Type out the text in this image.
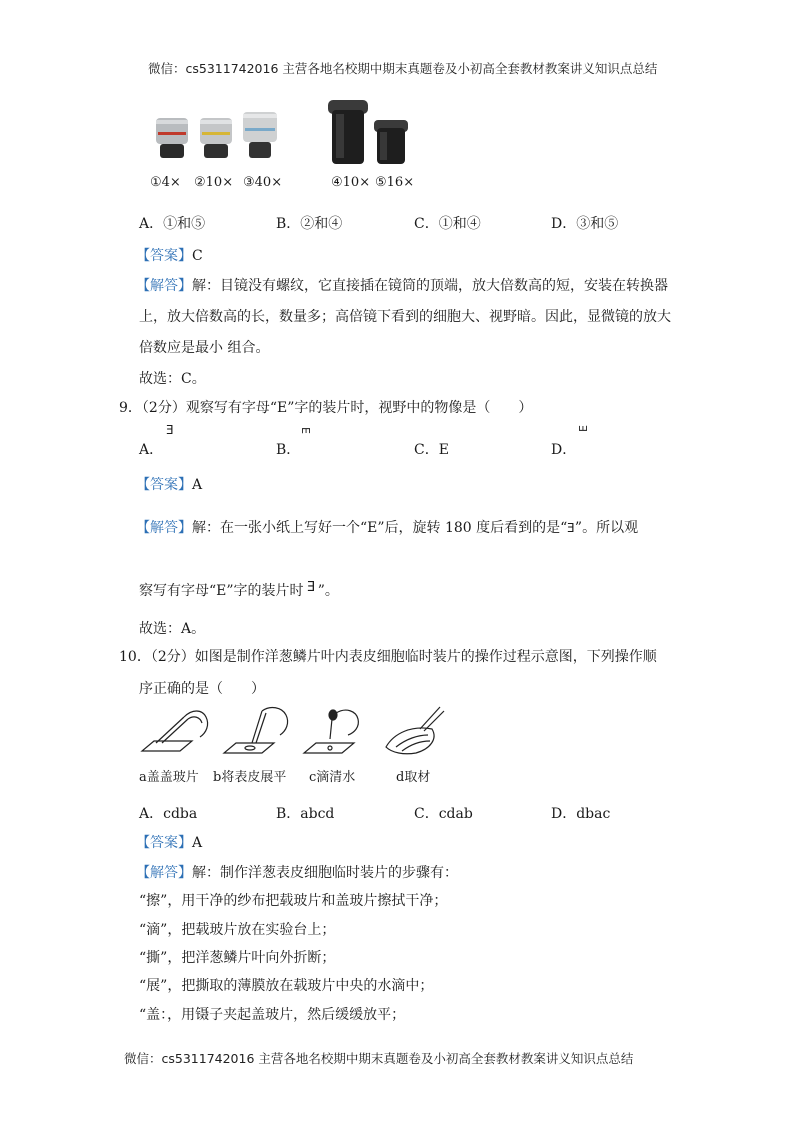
微信：cs5311742016 主营各地名校期中期末真题卷及小初高全套教材教案讲义知识点总结
①4× ②10× ③40×	④10× ⑤16×
A．①和⑤	B．②和④	C．①和④	D．③和⑤
【答案】C
【解答】解：目镜没有螺纹，它直接插在镜筒的顶端，放大倍数高的短，安装在转换器
上，放大倍数高的长，数量多；高倍镜下看到的细胞大、视野暗。因此，显微镜的放大
倍数应是最小 组合。
故选：C。
9．（2分）观察写有字母“E”字的装片时，视野中的物像是（　　）
A．
E
B．
E
C．E	D．
E
【答案】A
【解答】解：在一张小纸上写好一个“E”后，旋转 180 度后看到的是“E”。所以观
察写有字母“E”字的装片时 E ”。
故选：A。
10．（2分）如图是制作洋葱鳞片叶内表皮细胞临时装片的操作过程示意图，下列操作顺
序正确的是（　　）
a盖盖玻片 b将表皮展平 c滴清水	d取材
A．cdba	B．abcd	C．cdab	D．dbac
【答案】A
【解答】解：制作洋葱表皮细胞临时装片的步骤有：
“擦”，用干净的纱布把载玻片和盖玻片擦拭干净；
“滴”，把载玻片放在实验台上；
“撕”，把洋葱鳞片叶向外折断；
“展”，把撕取的薄膜放在载玻片中央的水滴中；
“盖：，用镊子夹起盖玻片，然后缓缓放平；
微信：cs5311742016 主营各地名校期中期末真题卷及小初高全套教材教案讲义知识点总结
